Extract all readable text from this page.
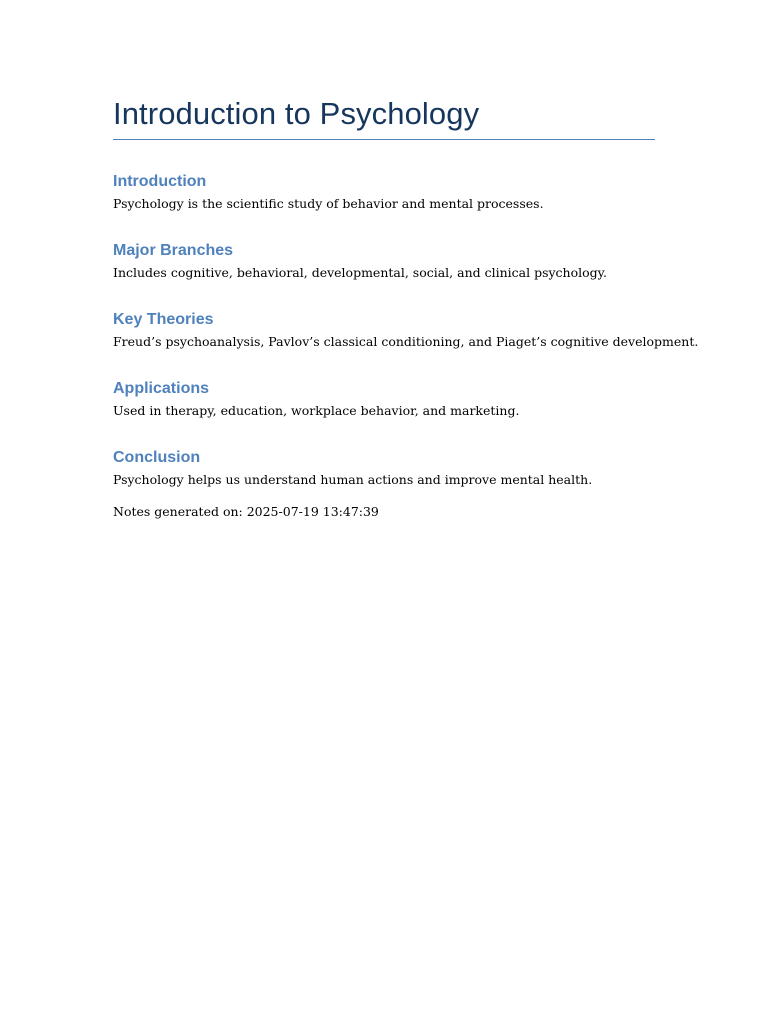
Introduction to Psychology
Introduction

Psychology is the scientific study of behavior and mental processes.

Major Branches

Includes cognitive, behavioral, developmental, social, and clinical psychology.

Key Theories

Freud’s psychoanalysis, Pavlov’s classical conditioning, and Piaget’s cognitive development.

Applications

Used in therapy, education, workplace behavior, and marketing.

Conclusion

Psychology helps us understand human actions and improve mental health.

Notes generated on: 2025-07-19 13:47:39
